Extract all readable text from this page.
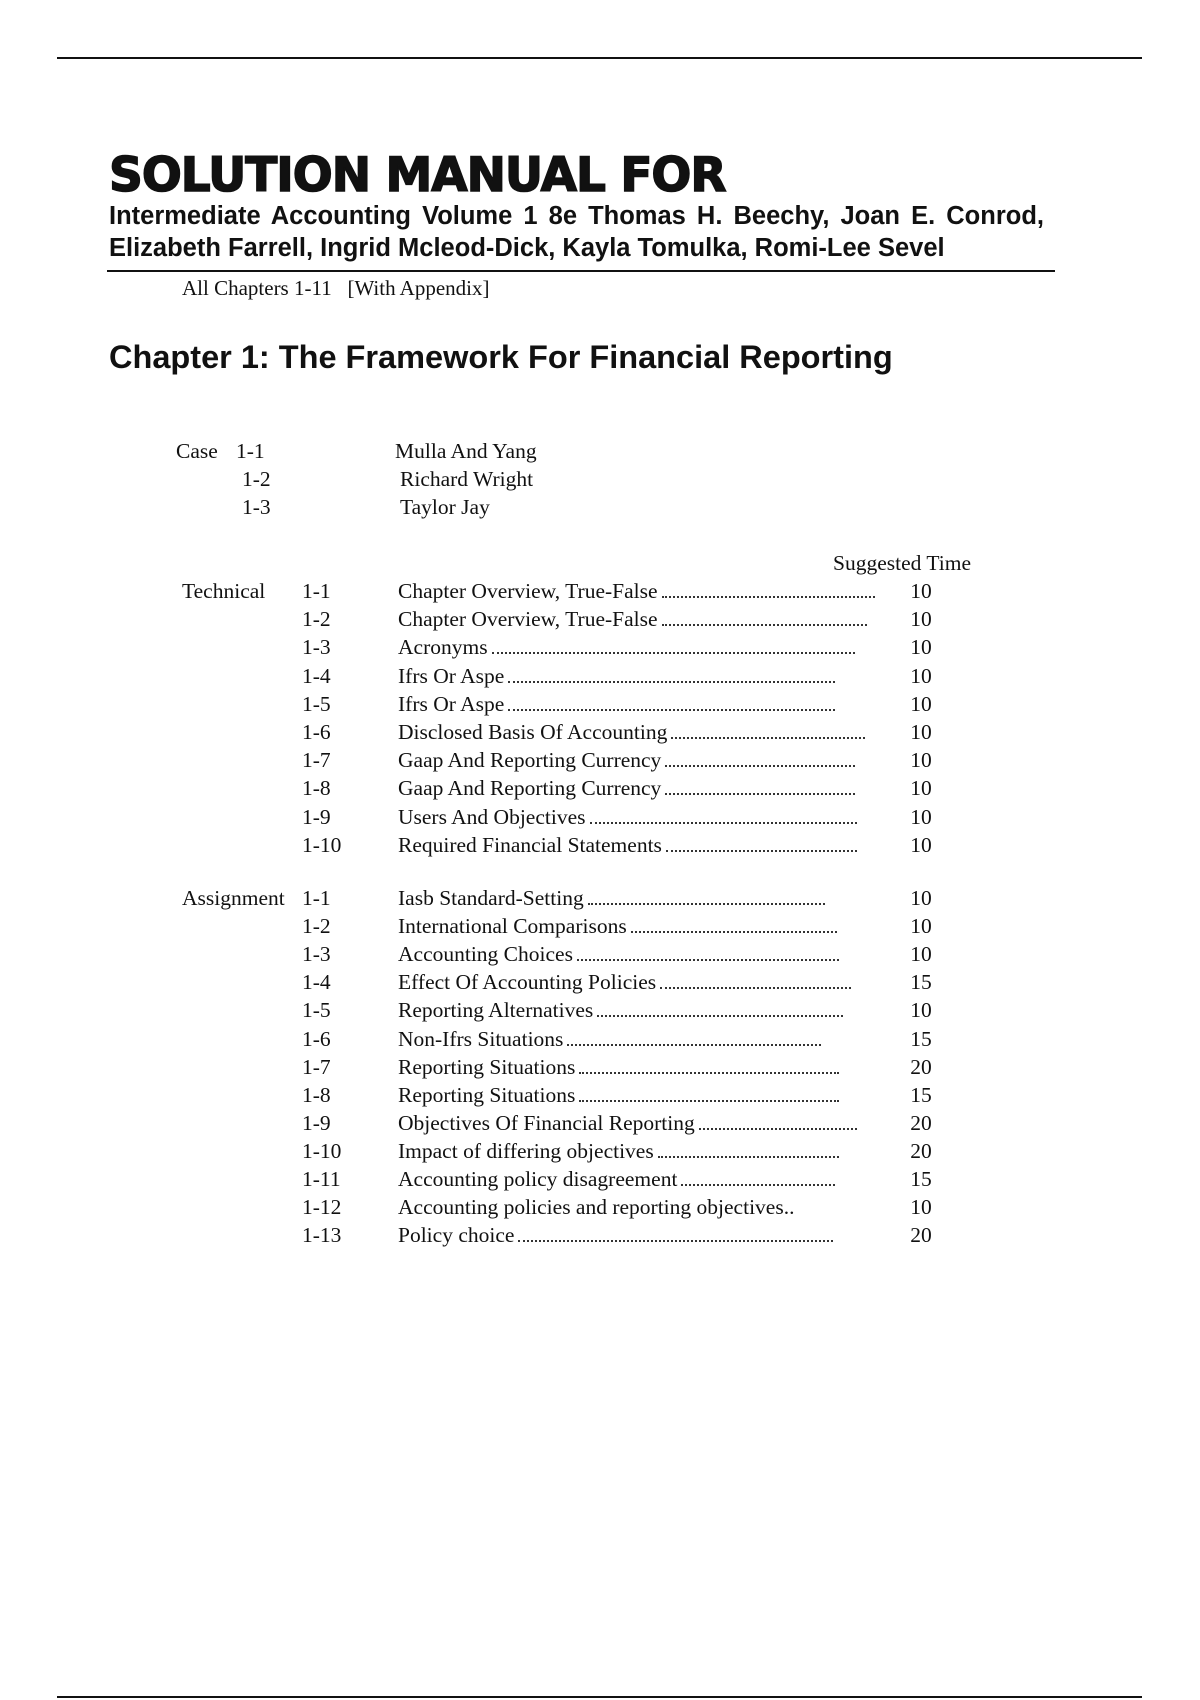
SOLUTION MANUAL FOR
Intermediate Accounting Volume 1 8e Thomas H. Beechy, Joan E. Conrod,
Elizabeth Farrell, Ingrid Mcleod-Dick, Kayla Tomulka, Romi-Lee Sevel

All Chapters 1-11   [With Appendix]

Chapter 1: The Framework For Financial Reporting
Case 1-1	Mulla And Yang
1-2	Richard Wright
1-3	Taylor Jay
Suggested Time
Technical 1-1	Chapter Overview, True-False	10
1-2	Chapter Overview, True-False	10
1-3	Acronyms	10
1-4	Ifrs Or Aspe	10
1-5	Ifrs Or Aspe	10
1-6	Disclosed Basis Of Accounting	10
1-7	Gaap And Reporting Currency	10
1-8	Gaap And Reporting Currency	10
1-9	Users And Objectives	10
1-10	Required Financial Statements	10
Assignment 1-1	Iasb Standard-Setting	10
1-2	International Comparisons	10
1-3	Accounting Choices	10
1-4	Effect Of Accounting Policies	15
1-5	Reporting Alternatives	10
1-6	Non-Ifrs Situations	15
1-7	Reporting Situations	20
1-8	Reporting Situations	15
1-9	Objectives Of Financial Reporting	20
1-10	Impact of differing objectives	20
1-11	Accounting policy disagreement	15
1-12	Accounting policies and reporting objectives..	10
1-13	Policy choice	20
